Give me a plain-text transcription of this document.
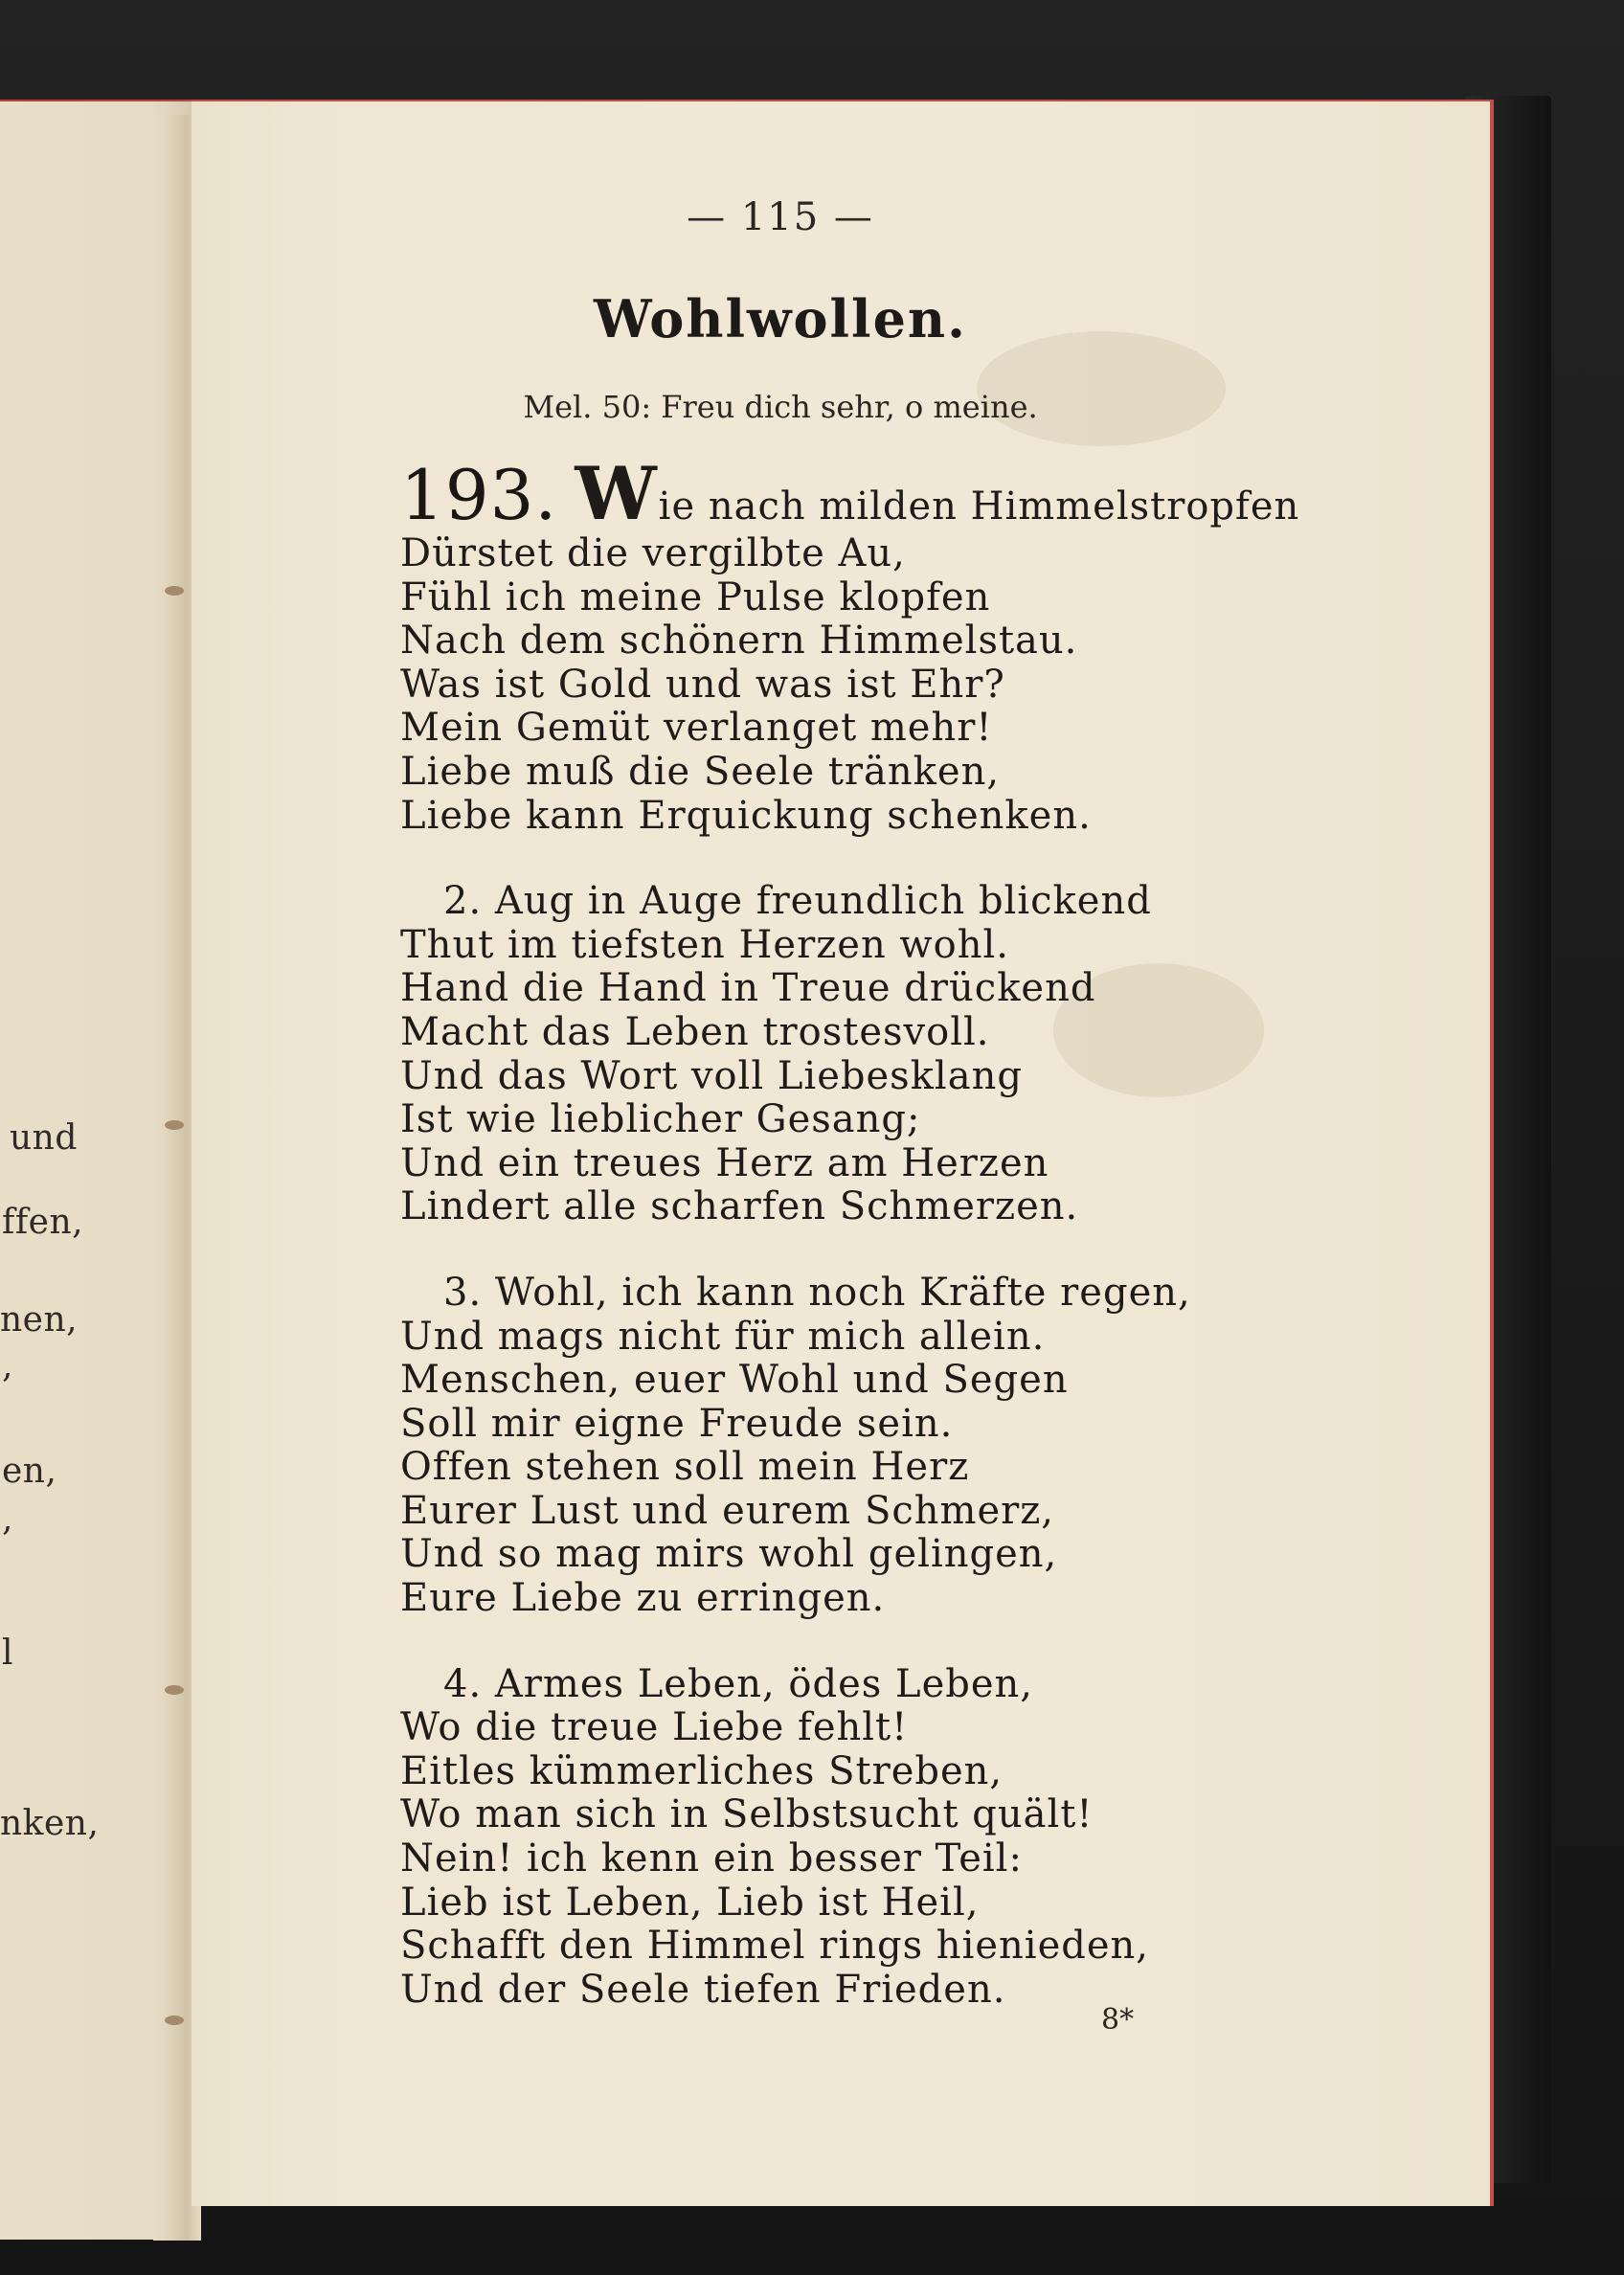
und
ffen,
nen,
,
en,
,
l
nken,
— 115 —
Wohlwollen.
Mel. 50: Freu dich sehr, o meine.
193. W ie nach milden Himmelstropfen
Dürstet die vergilbte Au,
Fühl ich meine Pulse klopfen
Nach dem schönern Himmelstau.
Was ist Gold und was ist Ehr?
Mein Gemüt verlanget mehr!
Liebe muß die Seele tränken,
Liebe kann Erquickung schenken.
2. Aug in Auge freundlich blickend
Thut im tiefsten Herzen wohl.
Hand die Hand in Treue drückend
Macht das Leben trostesvoll.
Und das Wort voll Liebesklang
Ist wie lieblicher Gesang;
Und ein treues Herz am Herzen
Lindert alle scharfen Schmerzen.
3. Wohl, ich kann noch Kräfte regen,
Und mags nicht für mich allein.
Menschen, euer Wohl und Segen
Soll mir eigne Freude sein.
Offen stehen soll mein Herz
Eurer Lust und eurem Schmerz,
Und so mag mirs wohl gelingen,
Eure Liebe zu erringen.
4. Armes Leben, ödes Leben,
Wo die treue Liebe fehlt!
Eitles kümmerliches Streben,
Wo man sich in Selbstsucht quält!
Nein! ich kenn ein besser Teil:
Lieb ist Leben, Lieb ist Heil,
Schafft den Himmel rings hienieden,
Und der Seele tiefen Frieden.
8*
